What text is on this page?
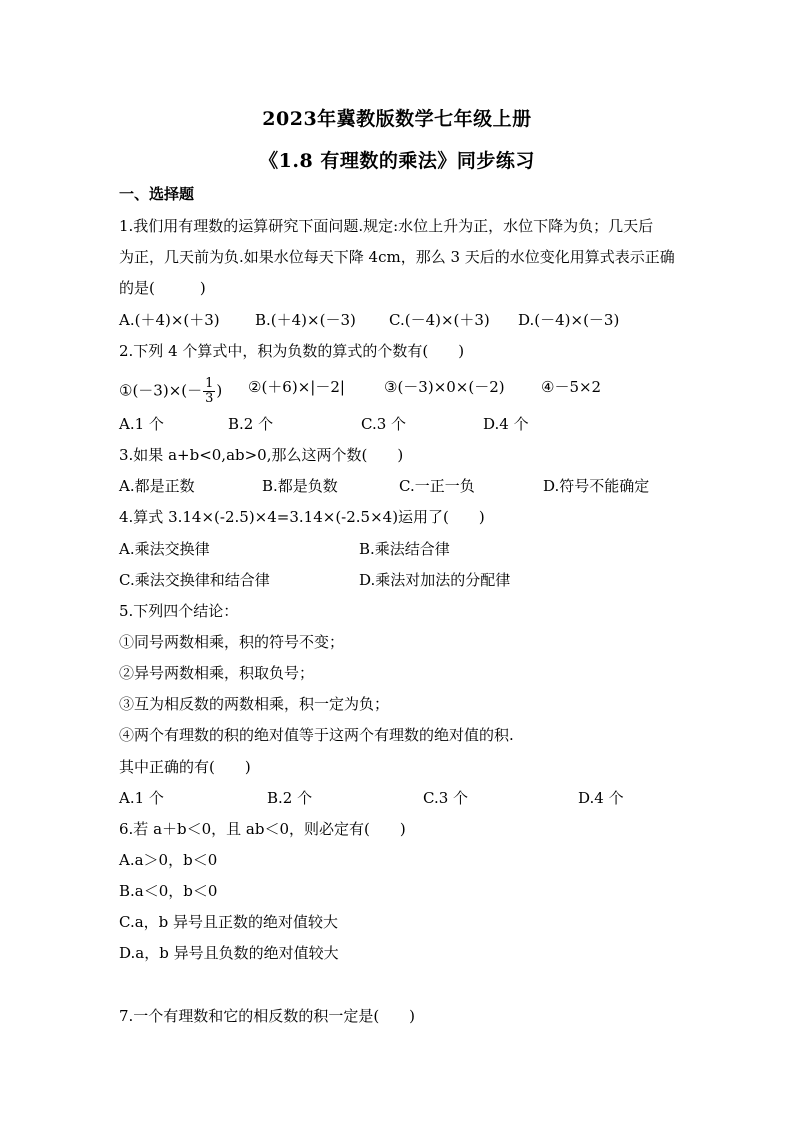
2023年冀教版数学七年级上册
《1.8 有理数的乘法》同步练习
一、选择题
1.我们用有理数的运算研究下面问题.规定:水位上升为正，水位下降为负；几天后
为正，几天前为负.如果水位每天下降 4cm，那么 3 天后的水位变化用算式表示正确
的是(　　　)
A.(＋4)×(＋3) B.(＋4)×(－3) C.(－4)×(＋3) D.(－4)×(－3)
2.下列 4 个算式中，积为负数的算式的个数有(　　)
①(－3)×(－ $\frac{1}{3}$ ) ②(＋6)×|－2|	③(－3)×0×(－2) ④－5×2
A.1 个	B.2 个	C.3 个	D.4 个
3.如果 a+b<0,ab>0,那么这两个数(　　)
A.都是正数	B.都是负数	C.一正一负	D.符号不能确定
4.算式 3.14×(-2.5)×4=3.14×(-2.5×4)运用了(　　)
A.乘法交换律	B.乘法结合律
C.乘法交换律和结合律	D.乘法对加法的分配律
5.下列四个结论：
①同号两数相乘，积的符号不变；
②异号两数相乘，积取负号；
③互为相反数的两数相乘，积一定为负；
④两个有理数的积的绝对值等于这两个有理数的绝对值的积.
其中正确的有(　　)
A.1 个	B.2 个	C.3 个	D.4 个
6.若 a＋b＜0，且 ab＜0，则必定有(　　)
A.a＞0，b＜0
B.a＜0，b＜0
C.a，b 异号且正数的绝对值较大
D.a，b 异号且负数的绝对值较大
7.一个有理数和它的相反数的积一定是(　　)
